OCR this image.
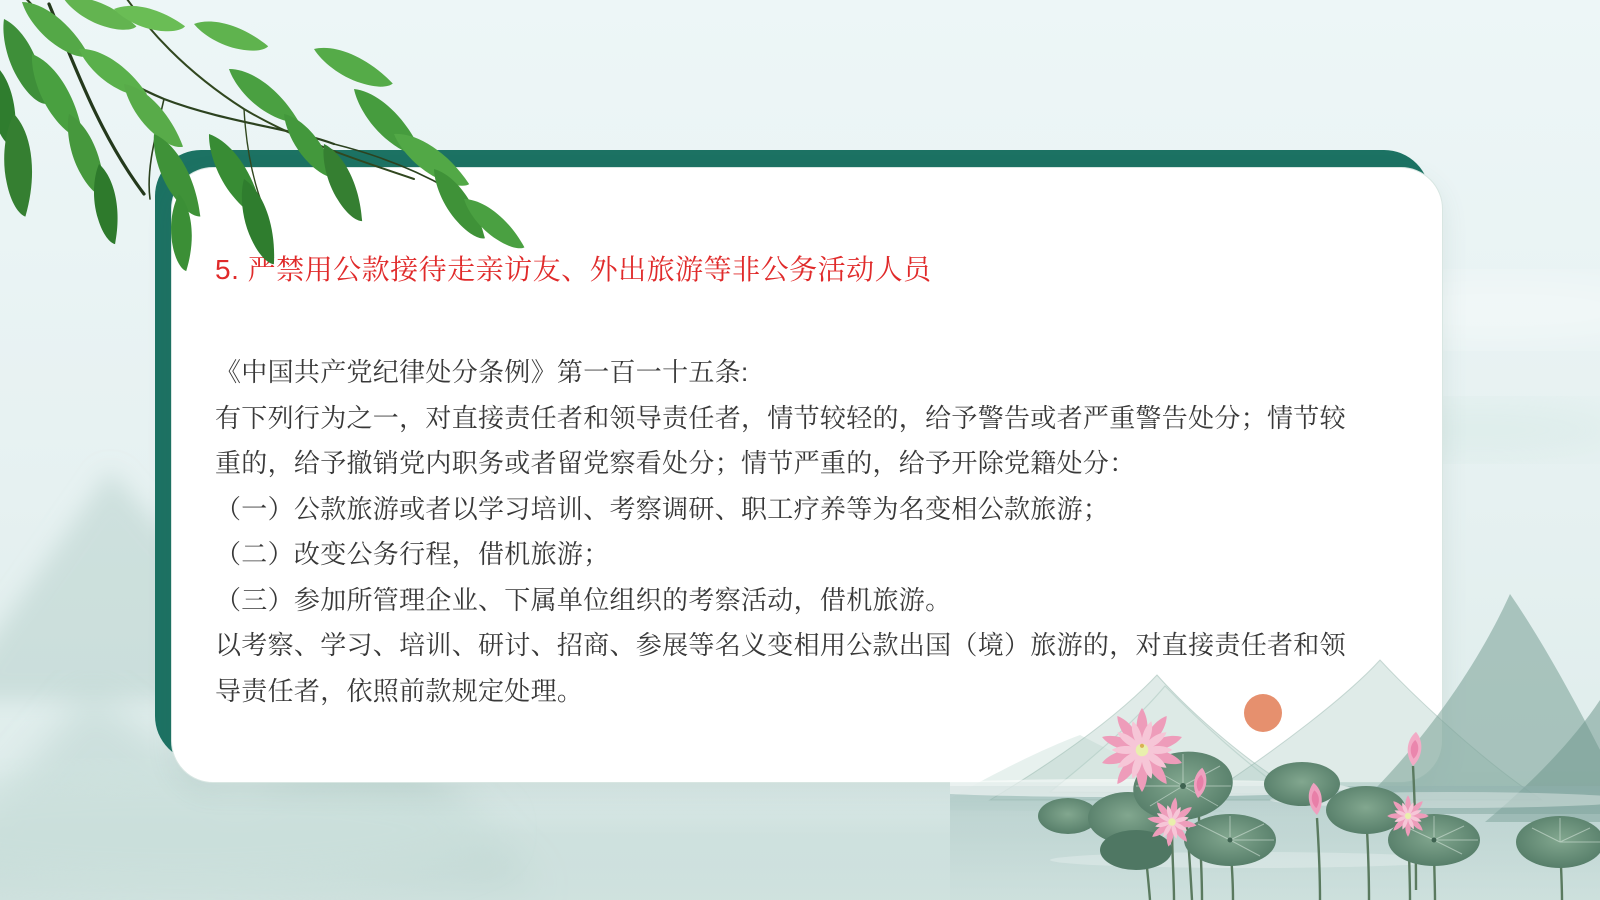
5. 严禁用公款接待走亲访友、外出旅游等非公务活动人员
《中国共产党纪律处分条例》第一百一十五条:
有下列行为之一，对直接责任者和领导责任者，情节较轻的，给予警告或者严重警告处分；情节较
重的，给予撤销党内职务或者留党察看处分；情节严重的，给予开除党籍处分：
（一）公款旅游或者以学习培训、考察调研、职工疗养等为名变相公款旅游；
（二）改变公务行程，借机旅游；
（三）参加所管理企业、下属单位组织的考察活动，借机旅游。
以考察、学习、培训、研讨、招商、参展等名义变相用公款出国（境）旅游的，对直接责任者和领
导责任者，依照前款规定处理。
